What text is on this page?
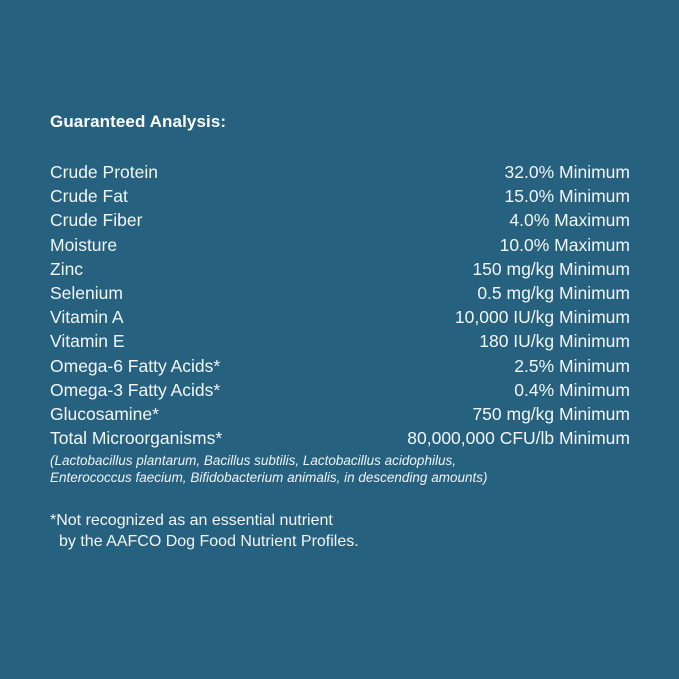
Guaranteed Analysis:
Crude Protein	32.0% Minimum
Crude Fat	15.0% Minimum
Crude Fiber	4.0% Maximum
Moisture	10.0% Maximum
Zinc	150 mg/kg Minimum
Selenium	0.5 mg/kg Minimum
Vitamin A	10,000 IU/kg Minimum
Vitamin E	180 IU/kg Minimum
Omega-6 Fatty Acids*	2.5% Minimum
Omega-3 Fatty Acids*	0.4% Minimum
Glucosamine*	750 mg/kg Minimum
Total Microorganisms*	80,000,000 CFU/lb Minimum
(Lactobacillus plantarum, Bacillus subtilis, Lactobacillus acidophilus,
Enterococcus faecium, Bifidobacterium animalis, in descending amounts)
*Not recognized as an essential nutrient
by the AAFCO Dog Food Nutrient Profiles.
